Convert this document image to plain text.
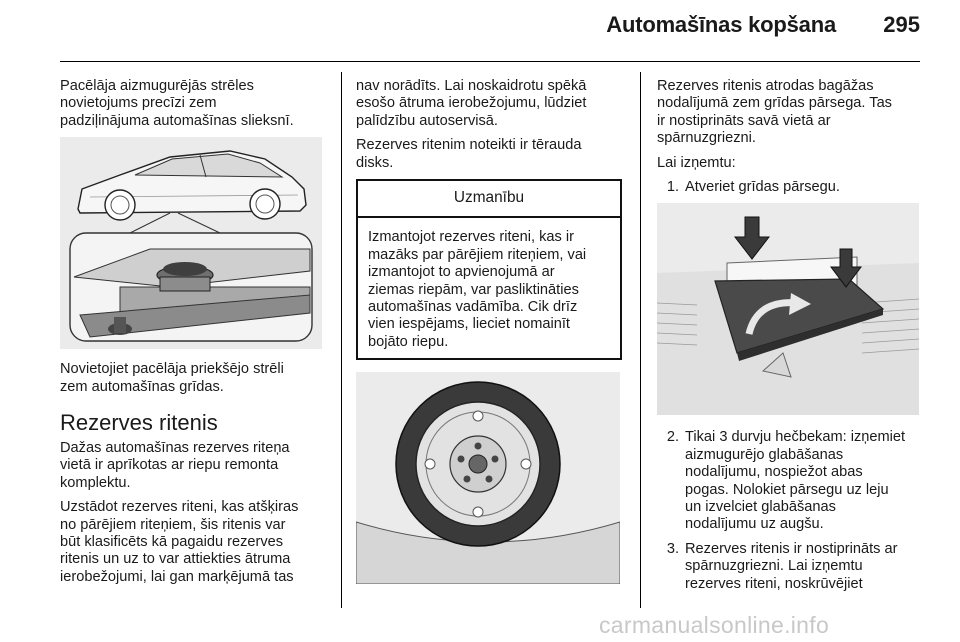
Automašīnas kopšana 295

Pacēlāja aizmugurējās strēles
novietojums precīzi zem
padziļinājuma automašīnas slieksnī.

Novietojiet pacēlāja priekšējo strēli
zem automašīnas grīdas.

Rezerves ritenis

Dažas automašīnas rezerves riteņa
vietā ir aprīkotas ar riepu remonta
komplektu.

Uzstādot rezerves riteni, kas atšķiras
no pārējiem riteņiem, šis ritenis var
būt klasificēts kā pagaidu rezerves
ritenis un uz to var attiekties ātruma
ierobežojumi, lai gan marķējumā tas

nav norādīts. Lai noskaidrotu spēkā
esošo ātruma ierobežojumu, lūdziet
palīdzību autoservisā.

Rezerves ritenim noteikti ir tērauda
disks.

Uzmanību
Izmantojot rezerves riteni, kas ir
mazāks par pārējiem riteņiem, vai
izmantojot to apvienojumā ar
ziemas riepām, var pasliktināties
automašīnas vadāmība. Cik drīz
vien iespējams, lieciet nomainīt
bojāto riepu.

Rezerves ritenis atrodas bagāžas
nodalījumā zem grīdas pārsega. Tas
ir nostiprināts savā vietā ar
spārnuzgriezni.

Lai izņemtu:

1. Atveriet grīdas pārsegu.
2. Tikai 3 durvju hečbekam: izņemiet
aizmugurējo glabāšanas
nodalījumu, nospiežot abas
pogas. Nolokiet pārsegu uz leju
un izvelciet glabāšanas
nodalījumu uz augšu.
3. Rezerves ritenis ir nostiprināts ar
spārnuzgriezni. Lai izņemtu
rezerves riteni, noskrūvējiet
carmanualsonline.info
